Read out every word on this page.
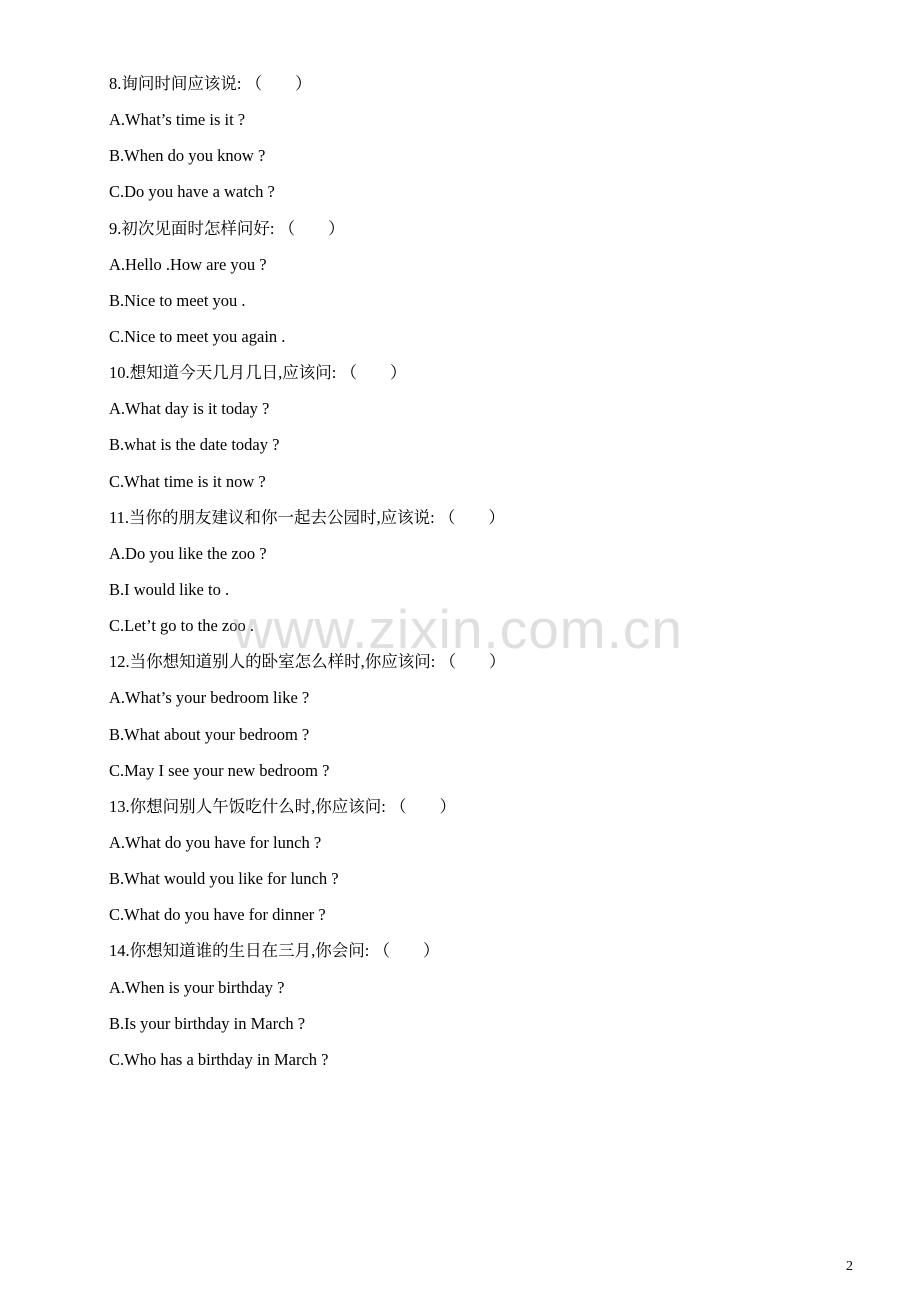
8.询问时间应该说: （　　）
A.What’s time is it ?
B.When do you know ?
C.Do you have a watch ?
9.初次见面时怎样问好: （　　）
A.Hello .How are you ?
B.Nice to meet you .
C.Nice to meet you again .
10.想知道今天几月几日,应该问: （　　）
A.What day is it today ?
B.what is the date today ?
C.What time is it now ?
11.当你的朋友建议和你一起去公园时,应该说: （　　）
A.Do you like the zoo ?
B.I would like to .
C.Let’t go to the zoo .
12.当你想知道别人的卧室怎么样时,你应该问: （　　）
A.What’s your bedroom like ?
B.What about your bedroom ?
C.May I see your new bedroom ?
13.你想问别人午饭吃什么时,你应该问: （　　）
A.What do you have for lunch ?
B.What would you like for lunch ?
C.What do you have for dinner ?
14.你想知道谁的生日在三月,你会问: （　　）
A.When is your birthday ?
B.Is your birthday in March ?
C.Who has a birthday in March ?
www.zixin.com.cn
2
